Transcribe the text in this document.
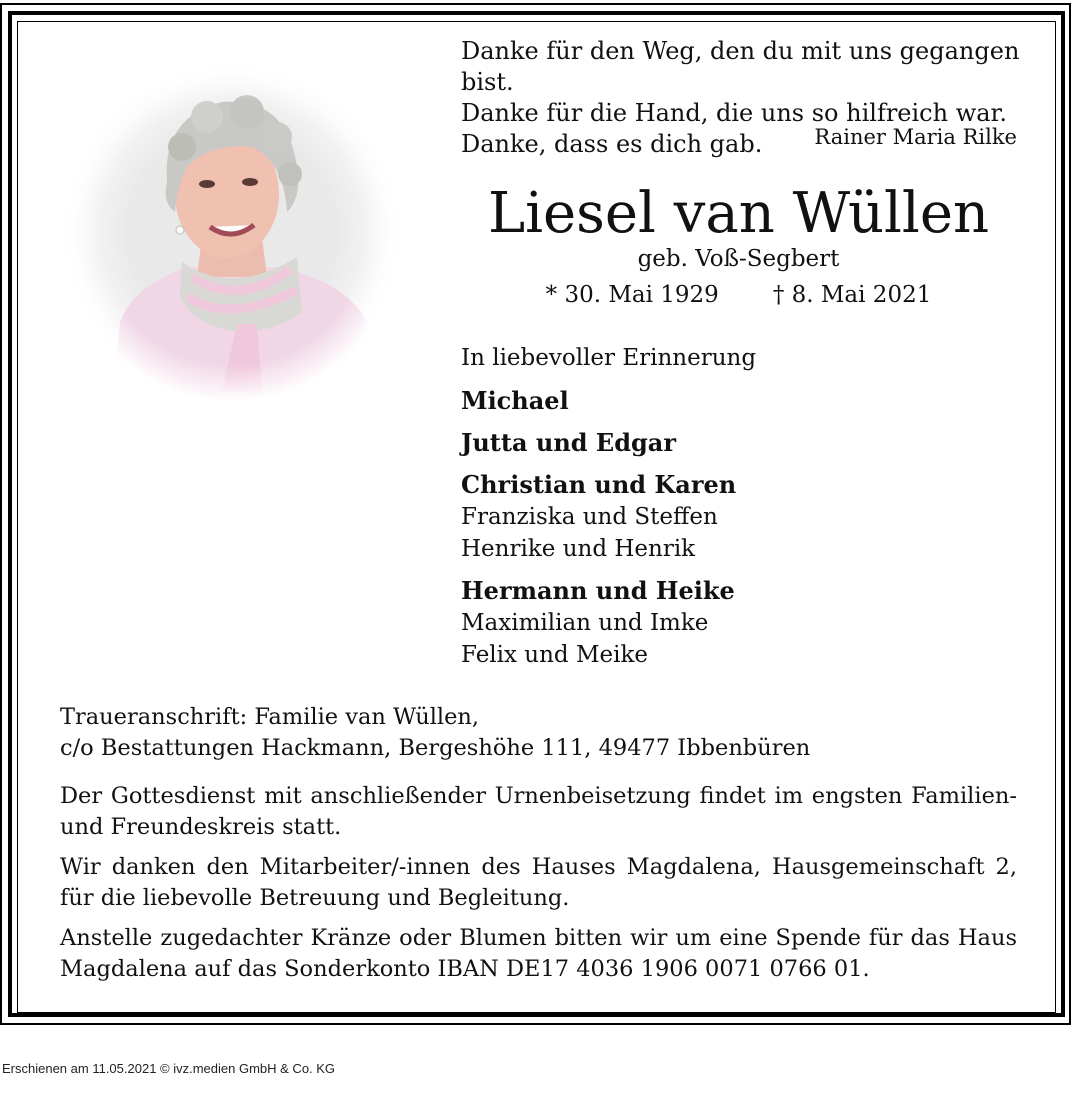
Danke für den Weg, den du mit uns gegangen bist.
Danke für die Hand, die uns so hilfreich war.
Danke, dass es dich gab.	Rainer Maria Rilke
Liesel van Wüllen
geb. Voß-Segbert
* 30. Mai 1929 † 8. Mai 2021
In liebevoller Erinnerung
Michael
Jutta und Edgar
Christian und Karen
Franziska und Steffen
Henrike und Henrik
Hermann und Heike
Maximilian und Imke
Felix und Meike
Traueranschrift: Familie van Wüllen,
c/o Bestattungen Hackmann, Bergeshöhe 111, 49477 Ibbenbüren

Der Gottesdienst mit anschließender Urnenbeisetzung findet im engsten Familien- und Freundeskreis statt.

Wir danken den Mitarbeiter/-innen des Hauses Magdalena, Hausgemeinschaft 2, für die liebevolle Betreuung und Begleitung.

Anstelle zugedachter Kränze oder Blumen bitten wir um eine Spende für das Haus Magdalena auf das Sonderkonto IBAN DE17 4036 1906 0071 0766 01.

Erschienen am 11.05.2021 © ivz.medien GmbH & Co. KG
